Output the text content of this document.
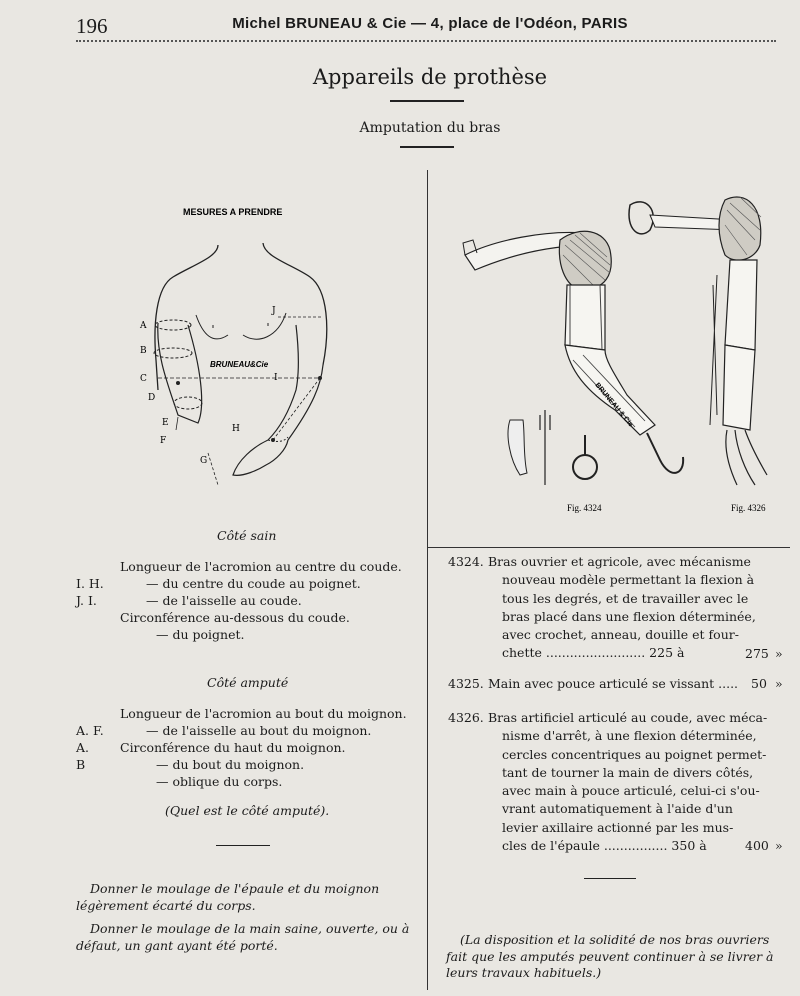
196	Michel BRUNEAU & Cie — 4, place de l'Odéon, PARIS
Appareils de prothèse
Amputation du bras
MESURES A PRENDRE
BRUNEAU&Cie
A
B
C
D
E
F
G
H
I
J
BRUNEAU & Cie
Fig. 4324	Fig. 4326
Côté sain
Longueur de l'acromion au centre du coude.
I. H.	— du centre du coude au poignet.
J. I.	— de l'aisselle au coude.
Circonférence au-dessous du coude.
— du poignet.
Côté amputé
Longueur de l'acromion au bout du moignon.
A. F.	— de l'aisselle au bout du moignon.
A. Circonférence du haut du moignon.
B	— du bout du moignon.
— oblique du corps.
(Quel est le côté amputé).
Donner le moulage de l'épaule et du moignon légèrement écarté du corps.
Donner le moulage de la main saine, ouverte, ou à défaut, un gant ayant été porté.
4324. Bras ouvrier et agricole, avec mécanisme
nouveau modèle permettant la flexion à
tous les degrés, et de travailler avec le
bras placé dans une flexion déterminée,
avec crochet, anneau, douille et four-
chette ......................... 225 à	275 »
4325. Main avec pouce articulé se vissant .....	50 »
4326. Bras artificiel articulé au coude, avec méca-
nisme d'arrêt, à une flexion déterminée,
cercles concentriques au poignet permet-
tant de tourner la main de divers côtés,
avec main à pouce articulé, celui-ci s'ou-
vrant automatiquement à l'aide d'un
levier axillaire actionné par les mus-
cles de l'épaule ................ 350 à	400 »
(La disposition et la solidité de nos bras ouvriers fait que les amputés peuvent continuer à se livrer à leurs travaux habituels.)
